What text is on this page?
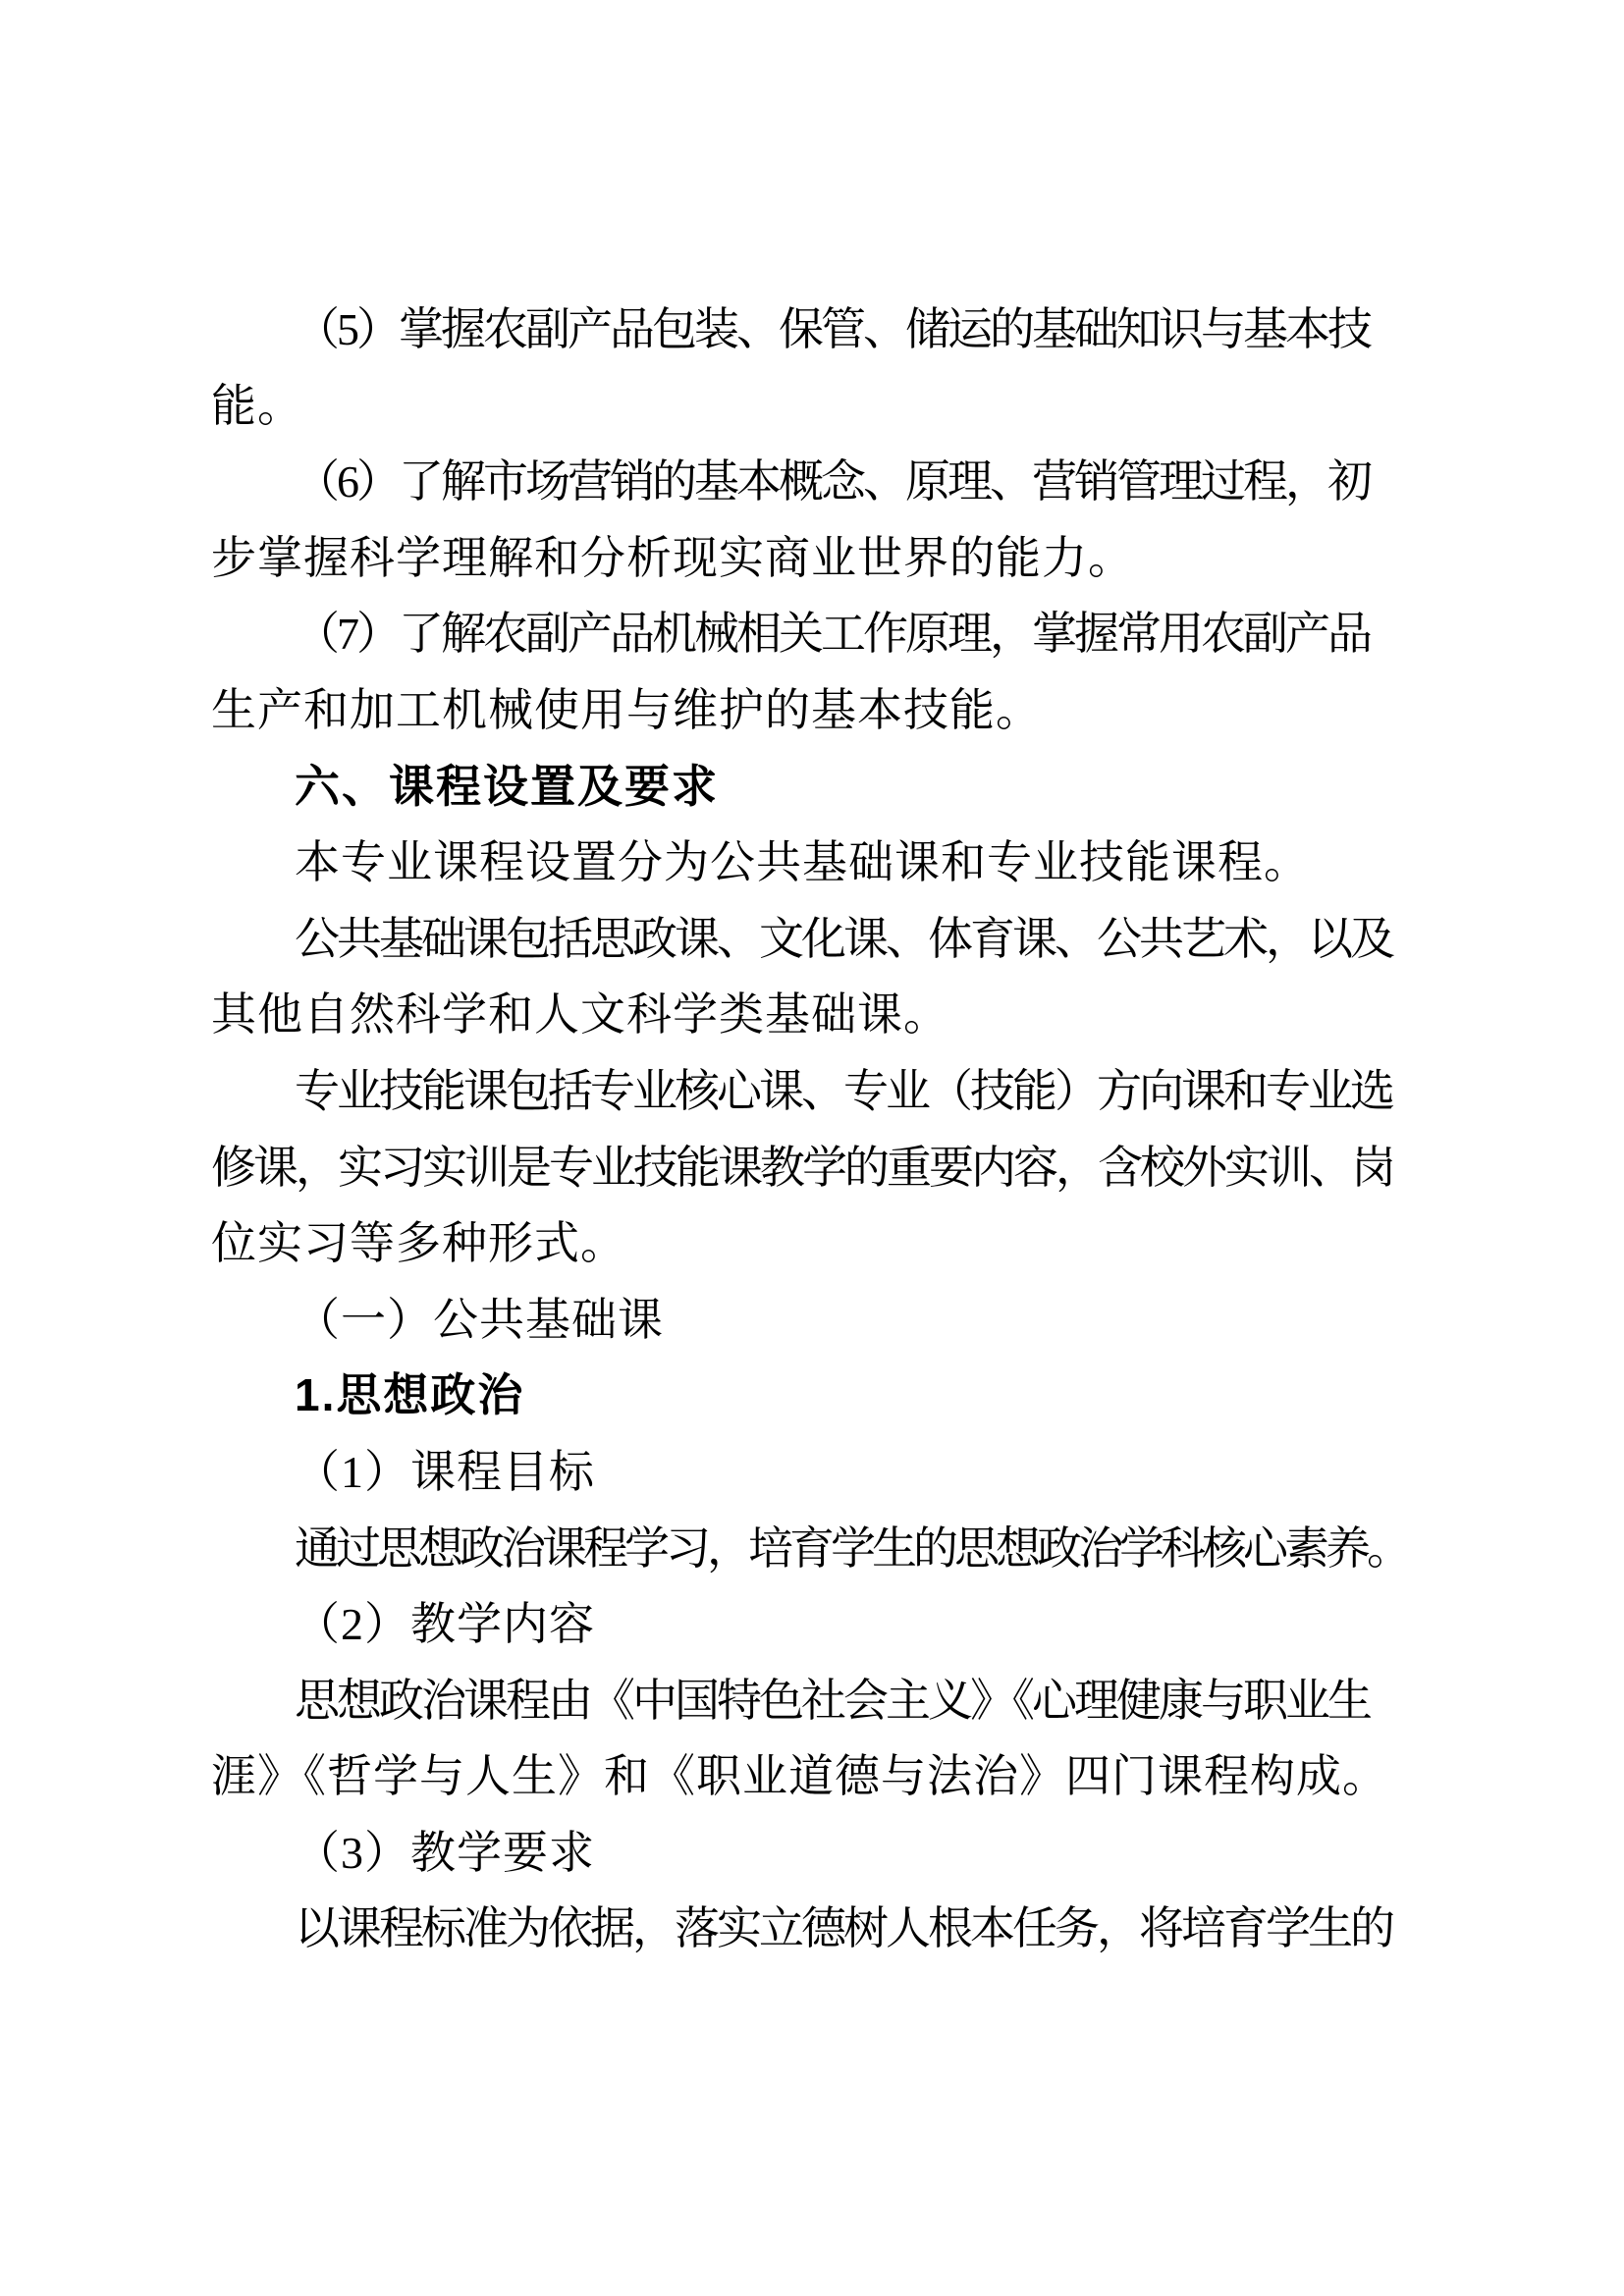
（5）掌握农副产品包装、保管、储运的基础知识与基本技
能。
（6）了解市场营销的基本概念、原理、营销管理过程，初
步掌握科学理解和分析现实商业世界的能力。
（7）了解农副产品机械相关工作原理，掌握常用农副产品
生产和加工机械使用与维护的基本技能。
六、课程设置及要求
本专业课程设置分为公共基础课和专业技能课程。
公共基础课包括思政课、文化课、体育课、公共艺术，以及
其他自然科学和人文科学类基础课。
专业技能课包括专业核心课、专业（技能）方向课和专业选
修课，实习实训是专业技能课教学的重要内容，含校外实训、岗
位实习等多种形式。
（一）公共基础课
1.思想政治
（1）课程目标
通过思想政治课程学习，培育学生的思想政治学科核心素养。
（2）教学内容
思想政治课程由《中国特色社会主义》《心理健康与职业生
涯》《哲学与人生》和《职业道德与法治》四门课程构成。
（3）教学要求
以课程标准为依据，落实立德树人根本任务，将培育学生的
